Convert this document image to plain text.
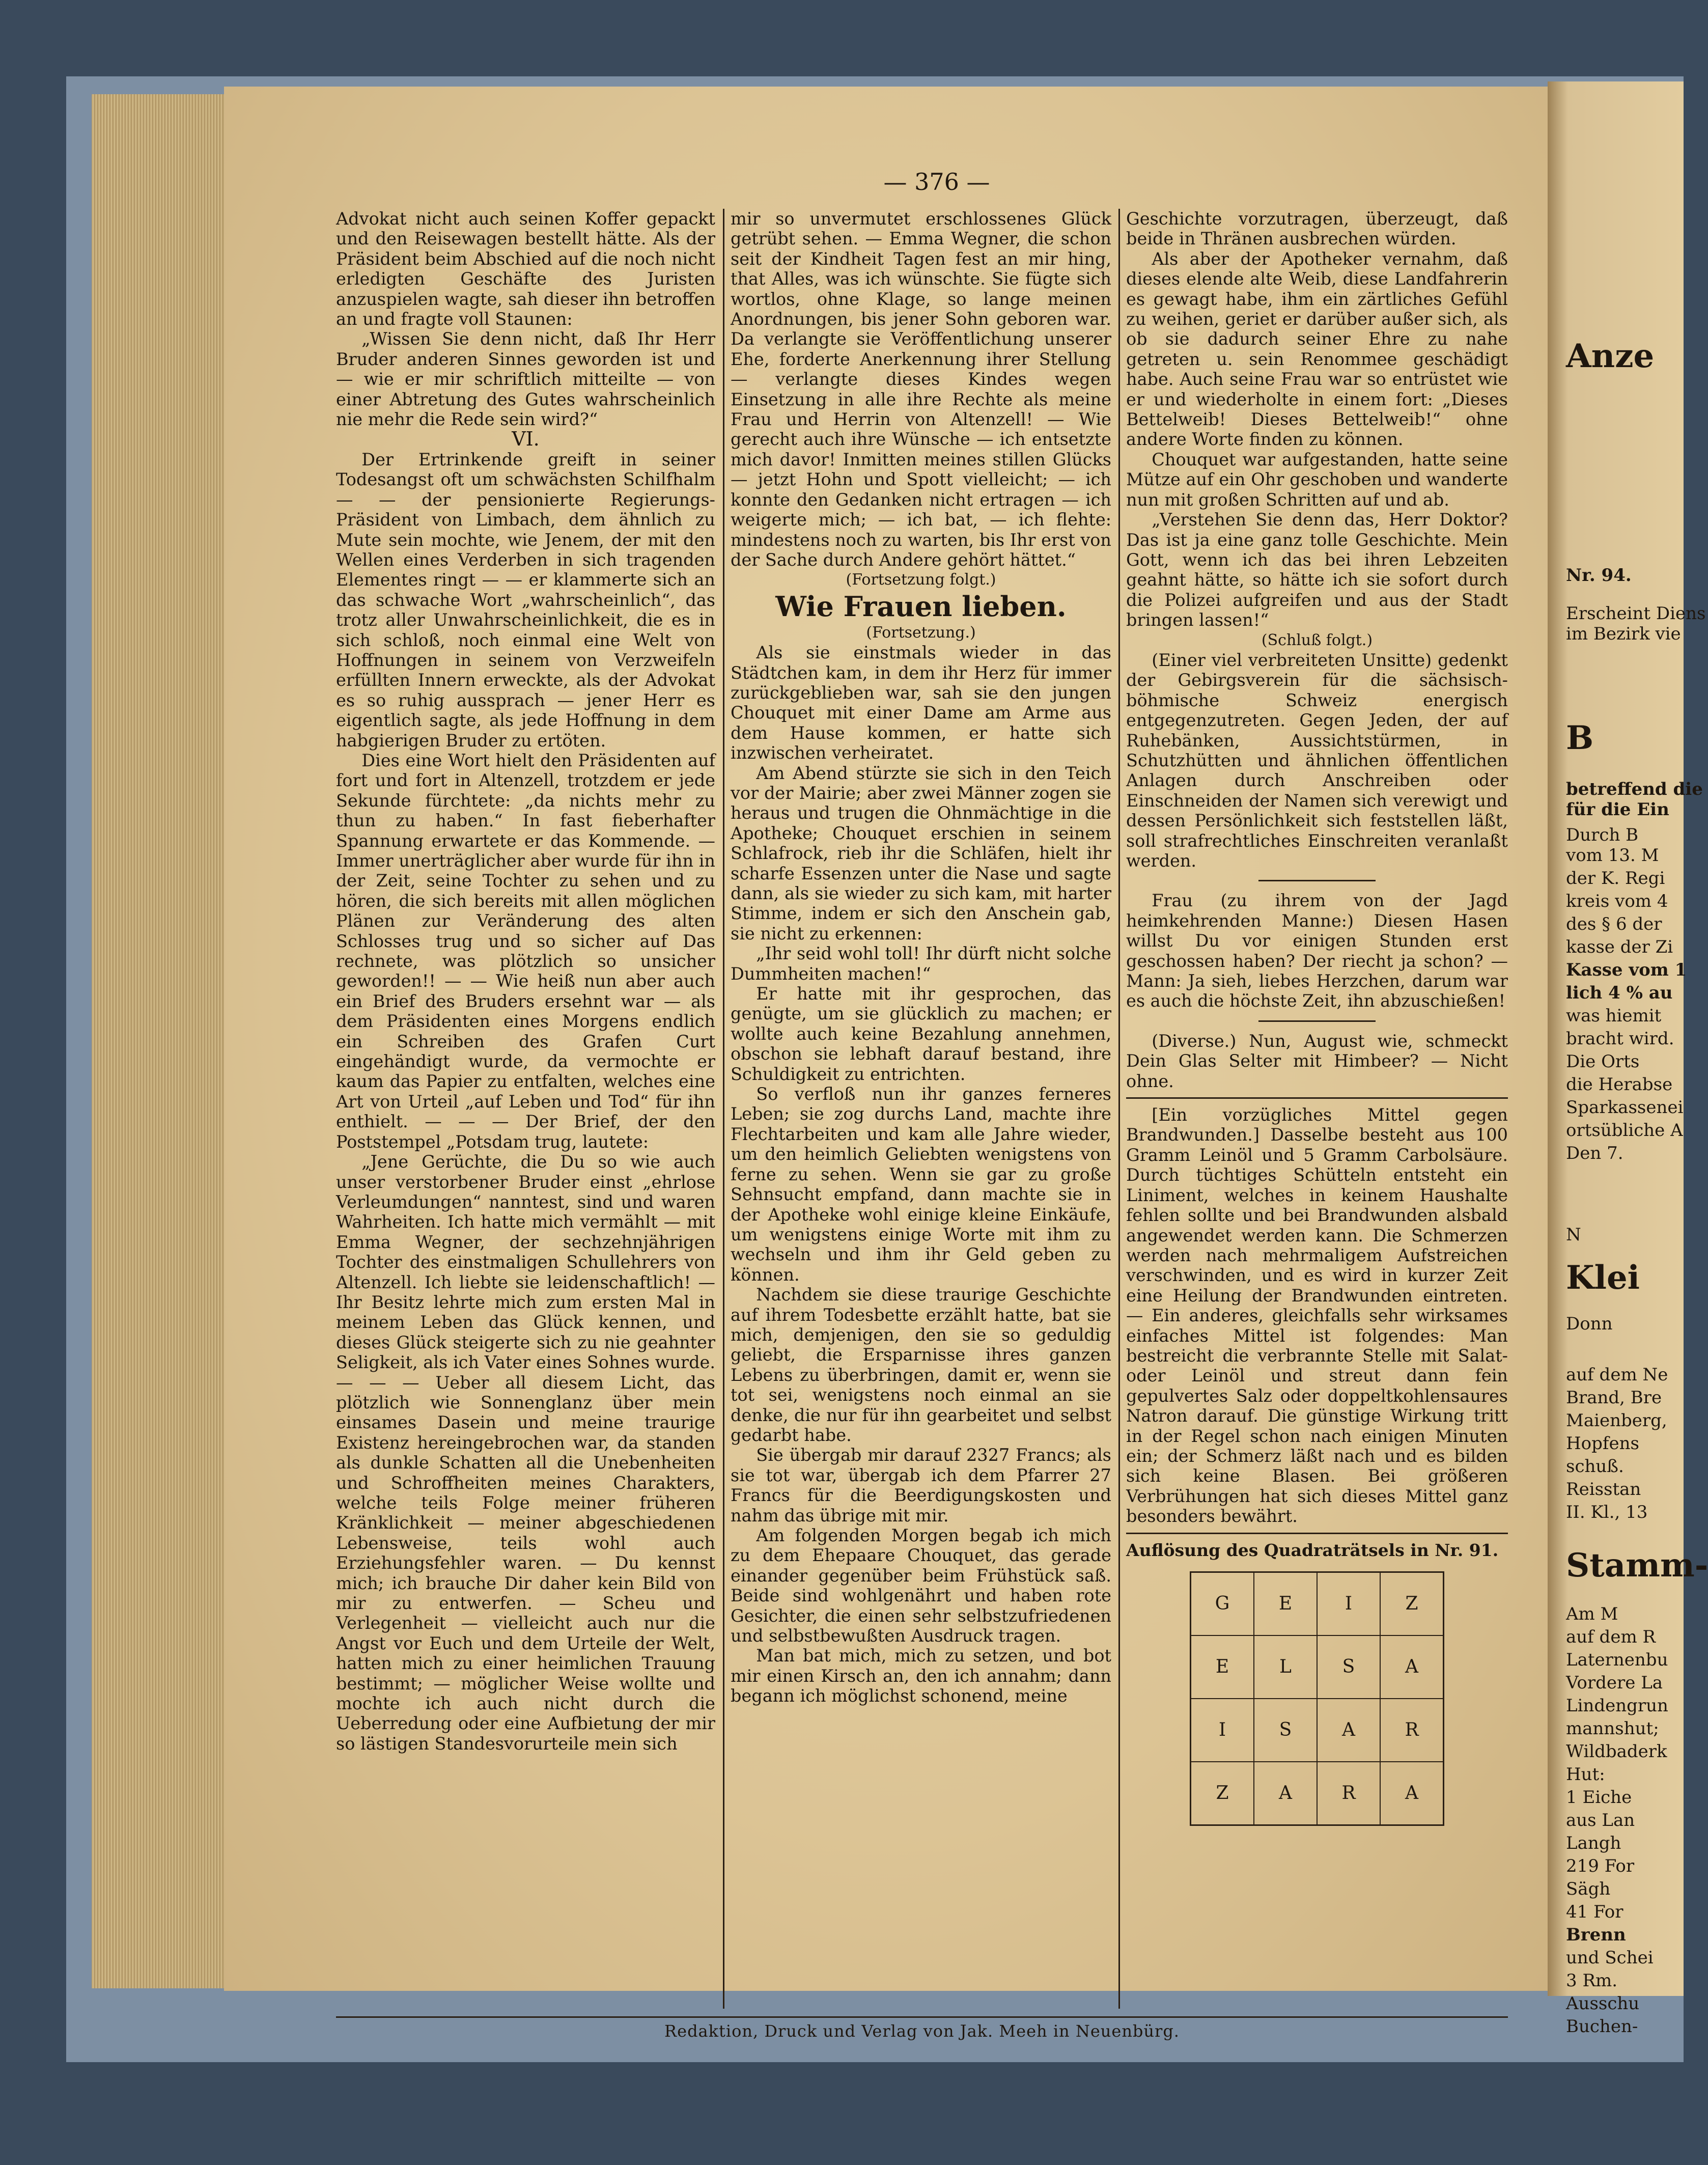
— 376 —

Advokat nicht auch seinen Koffer gepackt und den Reisewagen bestellt hätte. Als der Präsident beim Abschied auf die noch nicht erledigten Geschäfte des Juristen anzuspielen wagte, sah dieser ihn betroffen an und fragte voll Staunen:

„Wissen Sie denn nicht, daß Ihr Herr Bruder anderen Sinnes geworden ist und — wie er mir schriftlich mitteilte — von einer Abtretung des Gutes wahrscheinlich nie mehr die Rede sein wird?“

VI.

Der Ertrinkende greift in seiner Todesangst oft um schwächsten Schilfhalm — — der pensionierte Regierungs-Präsident von Limbach, dem ähnlich zu Mute sein mochte, wie Jenem, der mit den Wellen eines Verderben in sich tragenden Elementes ringt — — er klammerte sich an das schwache Wort „wahrscheinlich“, das trotz aller Unwahrscheinlichkeit, die es in sich schloß, noch einmal eine Welt von Hoffnungen in seinem von Verzweifeln erfüllten Innern erweckte, als der Advokat es so ruhig aussprach — jener Herr es eigentlich sagte, als jede Hoffnung in dem habgierigen Bruder zu ertöten.

Dies eine Wort hielt den Präsidenten auf fort und fort in Altenzell, trotzdem er jede Sekunde fürchtete: „da nichts mehr zu thun zu haben.“ In fast fieberhafter Spannung erwartete er das Kommende. — Immer unerträglicher aber wurde für ihn in der Zeit, seine Tochter zu sehen und zu hören, die sich bereits mit allen möglichen Plänen zur Veränderung des alten Schlosses trug und so sicher auf Das rechnete, was plötzlich so unsicher geworden!! — — Wie heiß nun aber auch ein Brief des Bruders ersehnt war — als dem Präsidenten eines Morgens endlich ein Schreiben des Grafen Curt eingehändigt wurde, da vermochte er kaum das Papier zu entfalten, welches eine Art von Urteil „auf Leben und Tod“ für ihn enthielt. — — — Der Brief, der den Poststempel „Potsdam trug, lautete:

„Jene Gerüchte, die Du so wie auch unser verstorbener Bruder einst „ehrlose Verleumdungen“ nanntest, sind und waren Wahrheiten. Ich hatte mich vermählt — mit Emma Wegner, der sechzehnjährigen Tochter des einstmaligen Schullehrers von Altenzell. Ich liebte sie leidenschaftlich! — Ihr Besitz lehrte mich zum ersten Mal in meinem Leben das Glück kennen, und dieses Glück steigerte sich zu nie geahnter Seligkeit, als ich Vater eines Sohnes wurde. — — — Ueber all diesem Licht, das plötzlich wie Sonnenglanz über mein einsames Dasein und meine traurige Existenz hereingebrochen war, da standen als dunkle Schatten all die Unebenheiten und Schroffheiten meines Charakters, welche teils Folge meiner früheren Kränklichkeit — meiner abgeschiedenen Lebensweise, teils wohl auch Erziehungsfehler waren. — Du kennst mich; ich brauche Dir daher kein Bild von mir zu entwerfen. — Scheu und Verlegenheit — vielleicht auch nur die Angst vor Euch und dem Urteile der Welt, hatten mich zu einer heimlichen Trauung bestimmt; — möglicher Weise wollte und mochte ich auch nicht durch die Ueberredung oder eine Aufbietung der mir so lästigen Standesvorurteile mein sich

mir so unvermutet erschlossenes Glück getrübt sehen. — Emma Wegner, die schon seit der Kindheit Tagen fest an mir hing, that Alles, was ich wünschte. Sie fügte sich wortlos, ohne Klage, so lange meinen Anordnungen, bis jener Sohn geboren war. Da verlangte sie Veröffentlichung unserer Ehe, forderte Anerkennung ihrer Stellung — verlangte dieses Kindes wegen Einsetzung in alle ihre Rechte als meine Frau und Herrin von Altenzell! — Wie gerecht auch ihre Wünsche — ich entsetzte mich davor! Inmitten meines stillen Glücks — jetzt Hohn und Spott vielleicht; — ich konnte den Gedanken nicht ertragen — ich weigerte mich; — ich bat, — ich flehte: mindestens noch zu warten, bis Ihr erst von der Sache durch Andere gehört hättet.“

(Fortsetzung folgt.)

Wie Frauen lieben.

(Fortsetzung.)

Als sie einstmals wieder in das Städtchen kam, in dem ihr Herz für immer zurückgeblieben war, sah sie den jungen Chouquet mit einer Dame am Arme aus dem Hause kommen, er hatte sich inzwischen verheiratet.

Am Abend stürzte sie sich in den Teich vor der Mairie; aber zwei Männer zogen sie heraus und trugen die Ohnmächtige in die Apotheke; Chouquet erschien in seinem Schlafrock, rieb ihr die Schläfen, hielt ihr scharfe Essenzen unter die Nase und sagte dann, als sie wieder zu sich kam, mit harter Stimme, indem er sich den Anschein gab, sie nicht zu erkennen:

„Ihr seid wohl toll! Ihr dürft nicht solche Dummheiten machen!“

Er hatte mit ihr gesprochen, das genügte, um sie glücklich zu machen; er wollte auch keine Bezahlung annehmen, obschon sie lebhaft darauf bestand, ihre Schuldigkeit zu entrichten.

So verfloß nun ihr ganzes ferneres Leben; sie zog durchs Land, machte ihre Flechtarbeiten und kam alle Jahre wieder, um den heimlich Geliebten wenigstens von ferne zu sehen. Wenn sie gar zu große Sehnsucht empfand, dann machte sie in der Apotheke wohl einige kleine Einkäufe, um wenigstens einige Worte mit ihm zu wechseln und ihm ihr Geld geben zu können.

Nachdem sie diese traurige Geschichte auf ihrem Todesbette erzählt hatte, bat sie mich, demjenigen, den sie so geduldig geliebt, die Ersparnisse ihres ganzen Lebens zu überbringen, damit er, wenn sie tot sei, wenigstens noch einmal an sie denke, die nur für ihn gearbeitet und selbst gedarbt habe.

Sie übergab mir darauf 2327 Francs; als sie tot war, übergab ich dem Pfarrer 27 Francs für die Beerdigungskosten und nahm das übrige mit mir.

Am folgenden Morgen begab ich mich zu dem Ehepaare Chouquet, das gerade einander gegenüber beim Frühstück saß. Beide sind wohlgenährt und haben rote Gesichter, die einen sehr selbstzufriedenen und selbstbewußten Ausdruck tragen.

Man bat mich, mich zu setzen, und bot mir einen Kirsch an, den ich annahm; dann begann ich möglichst schonend, meine

Geschichte vorzutragen, überzeugt, daß beide in Thränen ausbrechen würden.

Als aber der Apotheker vernahm, daß dieses elende alte Weib, diese Landfahrerin es gewagt habe, ihm ein zärtliches Gefühl zu weihen, geriet er darüber außer sich, als ob sie dadurch seiner Ehre zu nahe getreten u. sein Renommee geschädigt habe. Auch seine Frau war so entrüstet wie er und wiederholte in einem fort: „Dieses Bettelweib! Dieses Bettelweib!“ ohne andere Worte finden zu können.

Chouquet war aufgestanden, hatte seine Mütze auf ein Ohr geschoben und wanderte nun mit großen Schritten auf und ab.

„Verstehen Sie denn das, Herr Doktor? Das ist ja eine ganz tolle Geschichte. Mein Gott, wenn ich das bei ihren Lebzeiten geahnt hätte, so hätte ich sie sofort durch die Polizei aufgreifen und aus der Stadt bringen lassen!“

(Schluß folgt.)

(Einer viel verbreiteten Unsitte) gedenkt der Gebirgsverein für die sächsisch-böhmische Schweiz energisch entgegenzutreten. Gegen Jeden, der auf Ruhebänken, Aussichtstürmen, in Schutzhütten und ähnlichen öffentlichen Anlagen durch Anschreiben oder Einschneiden der Namen sich verewigt und dessen Persönlichkeit sich feststellen läßt, soll strafrechtliches Einschreiten veranlaßt werden.

Frau (zu ihrem von der Jagd heimkehrenden Manne:) Diesen Hasen willst Du vor einigen Stunden erst geschossen haben? Der riecht ja schon? — Mann: Ja sieh, liebes Herzchen, darum war es auch die höchste Zeit, ihn abzuschießen!

(Diverse.) Nun, August wie, schmeckt Dein Glas Selter mit Himbeer? — Nicht ohne.

[Ein vorzügliches Mittel gegen Brandwunden.] Dasselbe besteht aus 100 Gramm Leinöl und 5 Gramm Carbolsäure. Durch tüchtiges Schütteln entsteht ein Liniment, welches in keinem Haushalte fehlen sollte und bei Brandwunden alsbald angewendet werden kann. Die Schmerzen werden nach mehrmaligem Aufstreichen verschwinden, und es wird in kurzer Zeit eine Heilung der Brandwunden eintreten. — Ein anderes, gleichfalls sehr wirksames einfaches Mittel ist folgendes: Man bestreicht die verbrannte Stelle mit Salat- oder Leinöl und streut dann fein gepulvertes Salz oder doppeltkohlensaures Natron darauf. Die günstige Wirkung tritt in der Regel schon nach einigen Minuten ein; der Schmerz läßt nach und es bilden sich keine Blasen. Bei größeren Verbrühungen hat sich dieses Mittel ganz besonders bewährt.

Auflösung des Quadraträtsels in Nr. 91.
G	E	I	Z
E	L	S	A
I	S	A	R
Z	A	R	A
Redaktion, Druck und Verlag von Jak. Meeh in Neuenbürg.
Anze
Nr. 94.
Erscheint Diens
im Bezirk vie
B
betreffend die
für die Ein
Durch B
vom 13. M
der K. Regi
kreis vom 4
des § 6 der
kasse der Zi
Kasse vom 1
lich 4 % au
was hiemit
bracht wird.
Die Orts
die Herabse
Sparkassenei
ortsübliche A
Den 7.
N
Klei
Donn
auf dem Ne
Brand, Bre
Maienberg,
Hopfens
schuß.
Reisstan
II. Kl., 13
Stamm-
Am M
auf dem R
Laternenbu
Vordere La
Lindengrun
mannshut;
Wildbaderk
Hut:
1 Eiche
aus Lan
Langh
219 For
Sägh
41 For
Brenn
und Schei
3 Rm.
Ausschu
Buchen-
